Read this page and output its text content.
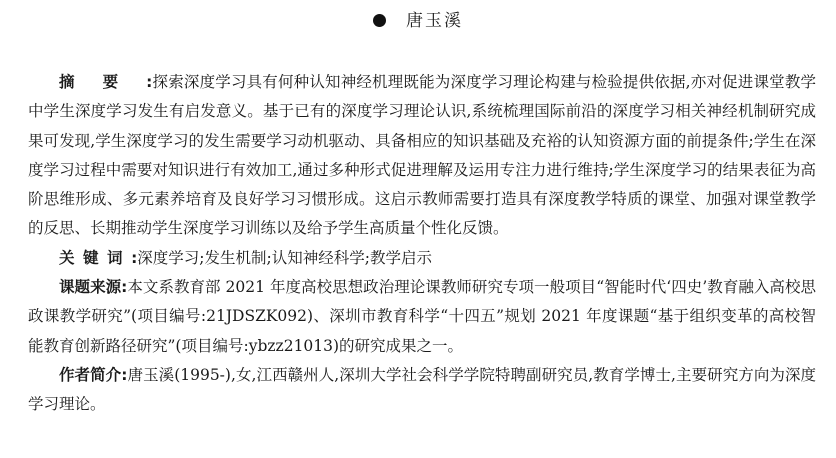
唐玉溪

摘要:探索深度学习具有何种认知神经机理既能为深度学习理论构建与检验提供依据,亦对促进课堂教学中学生深度学习发生有启发意义。基于已有的深度学习理论认识,系统梳理国际前沿的深度学习相关神经机制研究成果可发现,学生深度学习的发生需要学习动机驱动、具备相应的知识基础及充裕的认知资源方面的前提条件;学生在深度学习过程中需要对知识进行有效加工,通过多种形式促进理解及运用专注力进行维持;学生深度学习的结果表征为高阶思维形成、多元素养培育及良好学习习惯形成。这启示教师需要打造具有深度教学特质的课堂、加强对课堂教学的反思、长期推动学生深度学习训练以及给予学生高质量个性化反馈。

关键词:深度学习;发生机制;认知神经科学;教学启示

课题来源:本文系教育部 2021 年度高校思想政治理论课教师研究专项一般项目“智能时代‘四史’教育融入高校思政课教学研究”(项目编号:21JDSZK092)、深圳市教育科学“十四五”规划 2021 年度课题“基于组织变革的高校智能教育创新路径研究”(项目编号:ybzz21013)的研究成果之一。

作者简介:唐玉溪(1995-),女,江西赣州人,深圳大学社会科学学院特聘副研究员,教育学博士,主要研究方向为深度学习理论。
